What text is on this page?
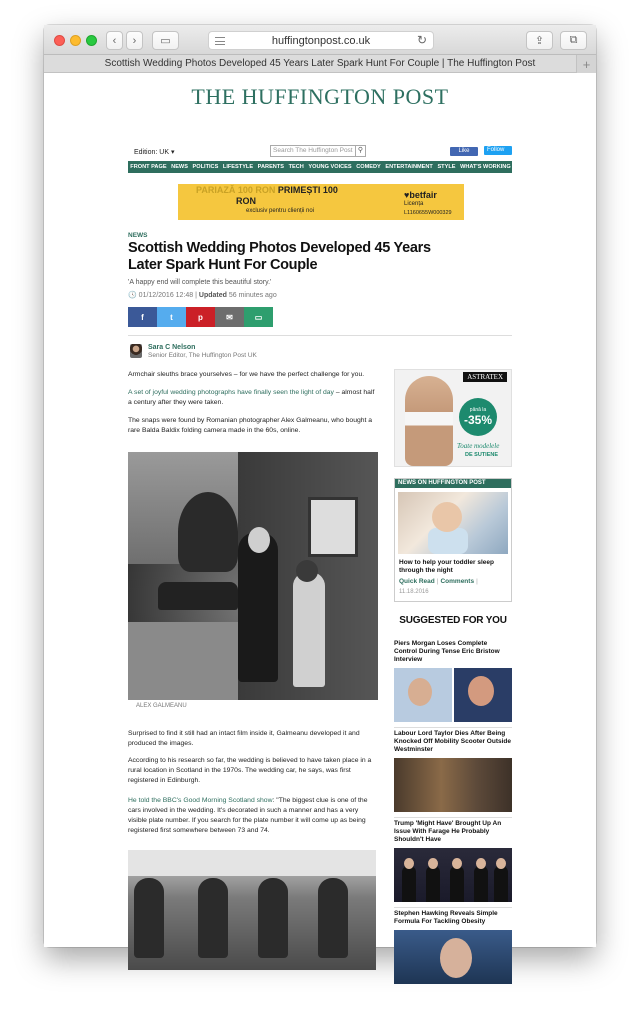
‹ › ▭	huffingtonpost.co.uk	↻	⇪ ⧉
Scottish Wedding Photos Developed 45 Years Later Spark Hunt For Couple | The Huffington Post	+
THE HUFFINGTON POST
Edition: UK ▾	Search The Huffington Post ⚲	Like	Follow
FRONT PAGE NEWS POLITICS LIFESTYLE PARENTS TECH YOUNG VOICES COMEDY ENTERTAINMENT STYLE WHAT'S WORKING BLOGS
PARIAZĂ 100 RON PRIMEȘTI 100
RON
exclusiv pentru clienții noi
♥betfair
Licența
L1160655W000329
NEWS
Scottish Wedding Photos Developed 45 Years Later Spark Hunt For Couple
'A happy end will complete this beautiful story.'
🕓 01/12/2016 12:48 | Updated 56 minutes ago
f	t	p	✉	▭
Sara C Nelson
Senior Editor, The Huffington Post UK

Armchair sleuths brace yourselves – for we have the perfect challenge for you.

A set of joyful wedding photographs have finally seen the light of day – almost half a century after they were taken.

The snaps were found by Romanian photographer Alex Galmeanu, who bought a rare Balda Baldix folding camera made in the 60s, online.

ALEX GALMEANU

Surprised to find it still had an intact film inside it, Galmeanu developed it and produced the images.

According to his research so far, the wedding is believed to have taken place in a rural location in Scotland in the 1970s. The wedding car, he says, was first registered in Edinburgh.

He told the BBC's Good Morning Scotland show: "The biggest clue is one of the cars involved in the wedding. It's decorated in such a manner and has a very visible plate number. If you search for the plate number it will come up as being registered first somewhere between 73 and 74.

ASTRATEX
până la
-35%
Toate modelele
DE SUTIENE
NEWS ON HUFFINGTON POST
How to help your toddler sleep through the night
Quick Read | Comments |
11.18.2016
SUGGESTED FOR YOU
Piers Morgan Loses Complete Control During Tense Eric Bristow Interview
Labour Lord Taylor Dies After Being Knocked Off Mobility Scooter Outside Westminster
Trump 'Might Have' Brought Up An Issue With Farage He Probably Shouldn't Have
Stephen Hawking Reveals Simple Formula For Tackling Obesity
